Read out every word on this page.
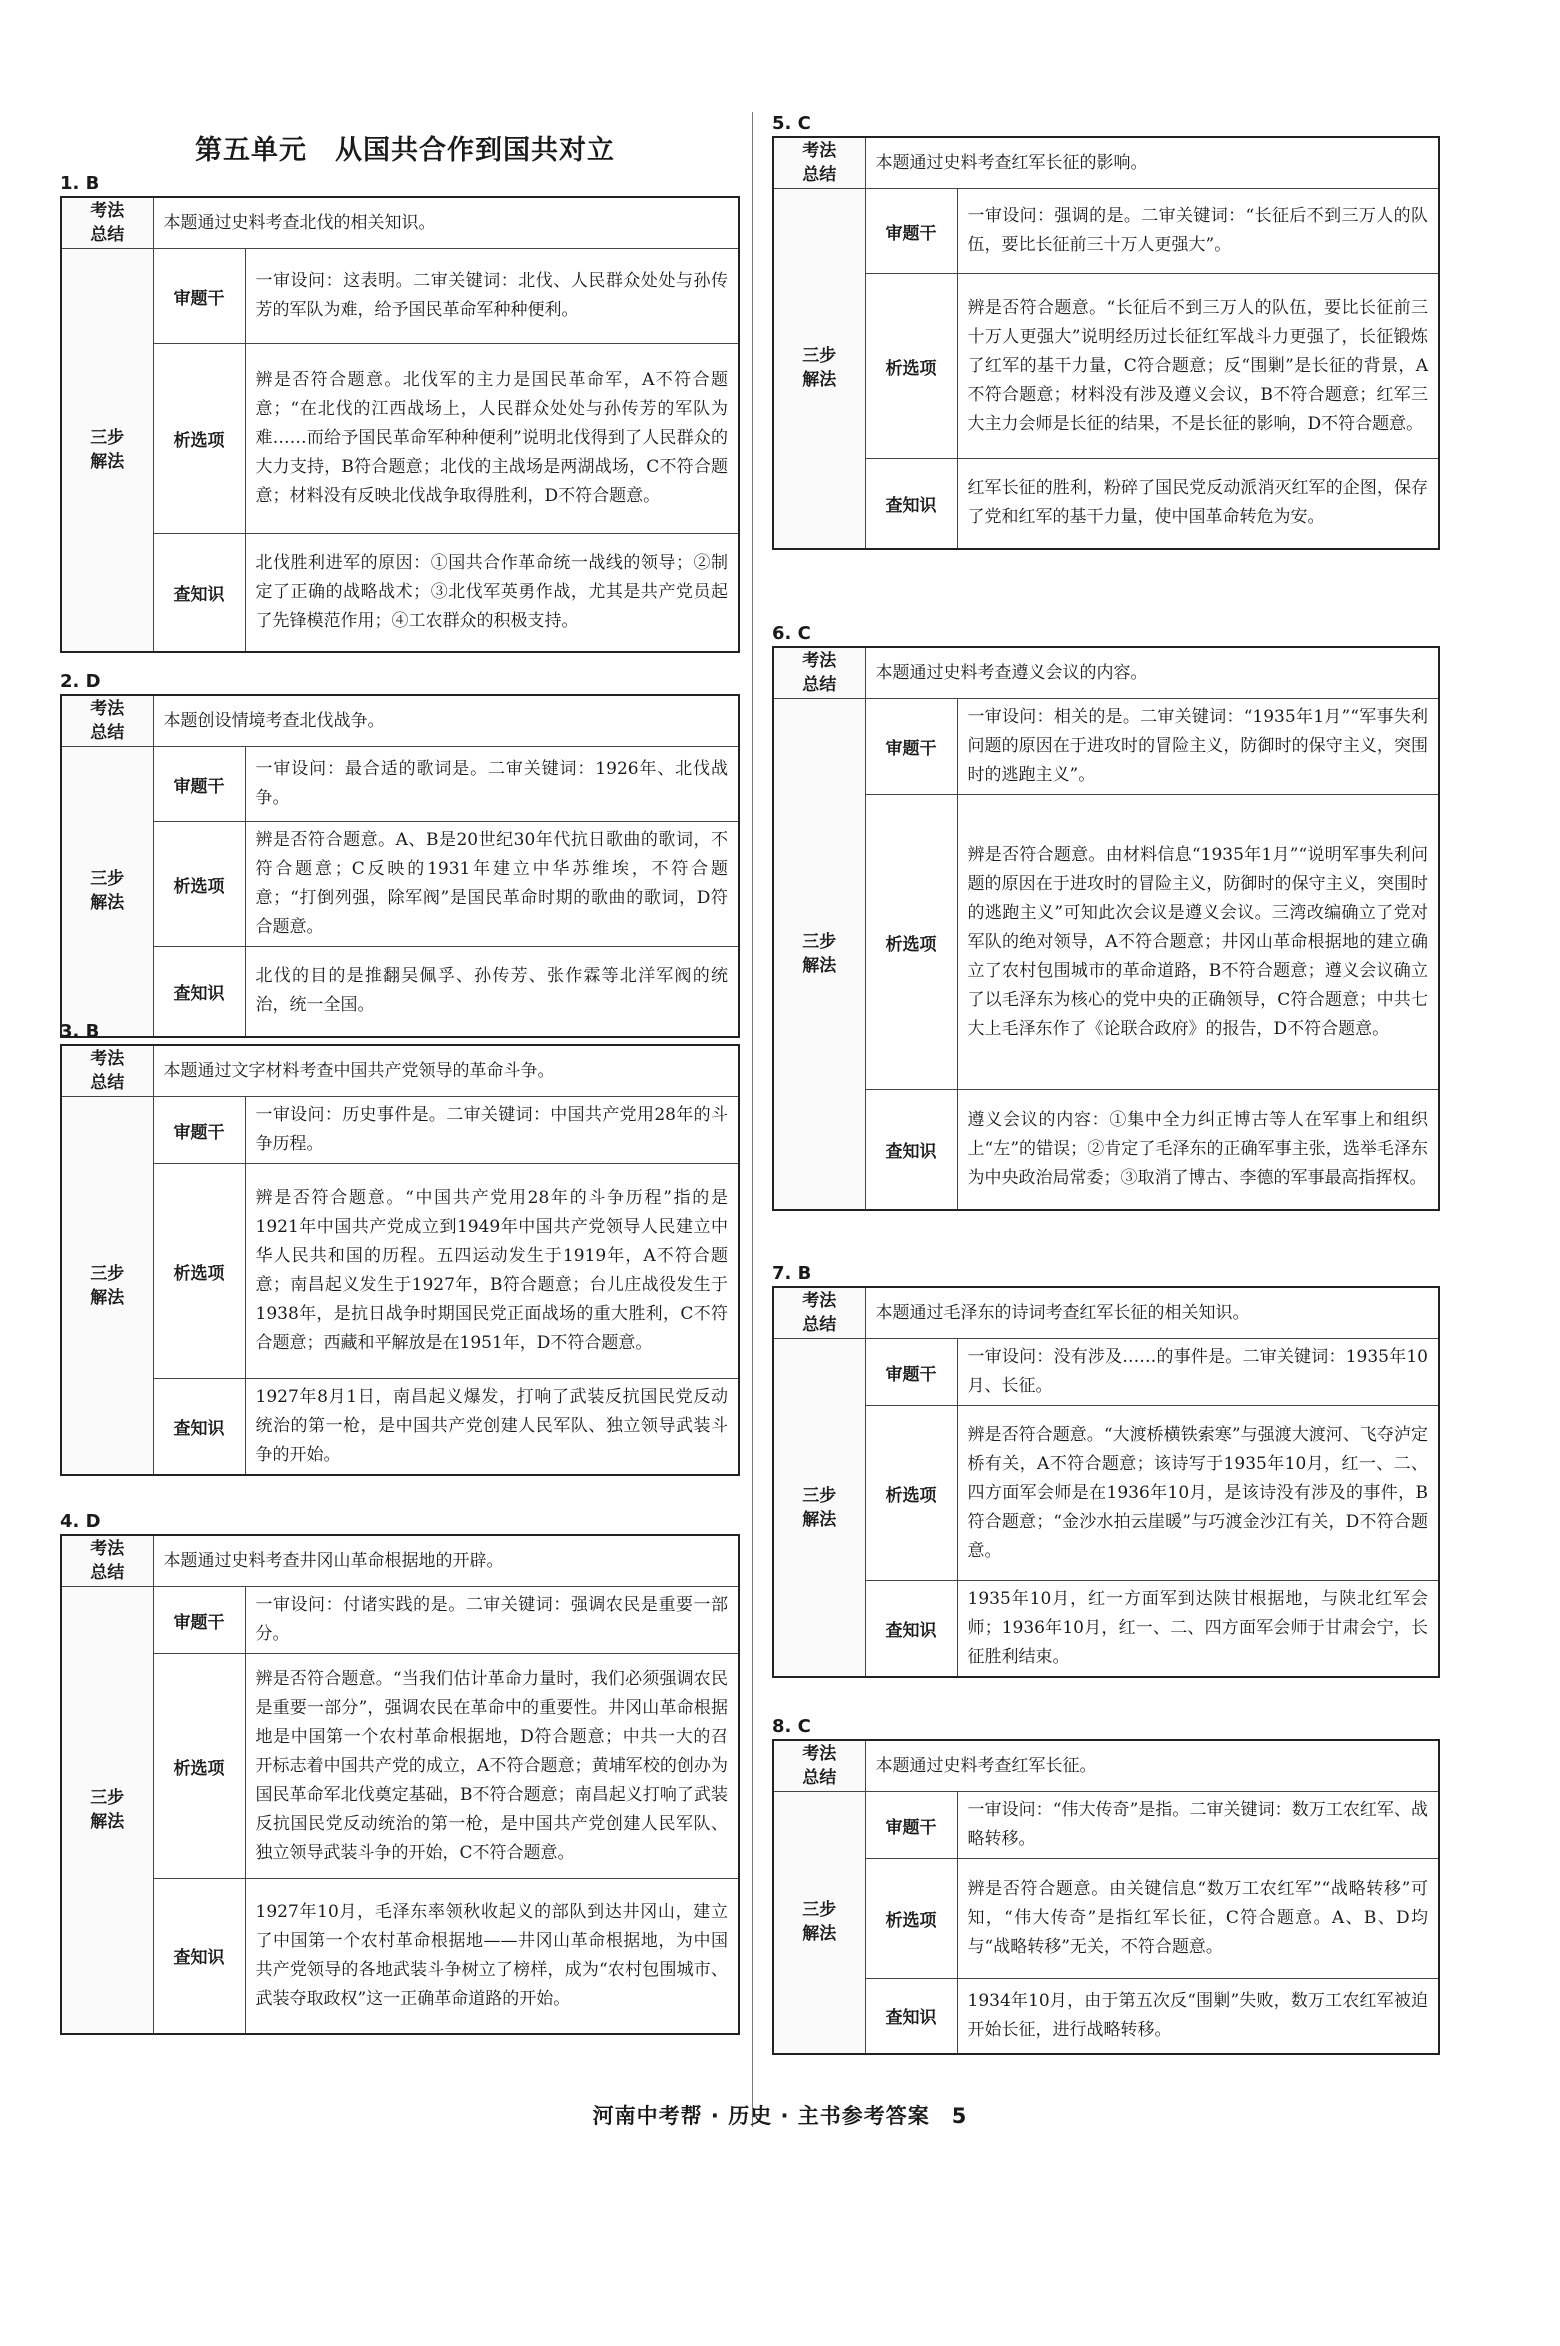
第五单元　从国共合作到国共对立
1. B
考法
总结	本题通过史料考查北伐的相关知识。	

三步
解法	审题干	一审设问：这表明。二审关键词：北伐、人民群众处处与孙传芳的军队为难，给予国民革命军种种便利。
	析选项	辨是否符合题意。北伐军的主力是国民革命军，A不符合题意；“在北伐的江西战场上，人民群众处处与孙传芳的军队为难……而给予国民革命军种种便利”说明北伐得到了人民群众的大力支持，B符合题意；北伐的主战场是两湖战场，C不符合题意；材料没有反映北伐战争取得胜利，D不符合题意。
	查知识	北伐胜利进军的原因：①国共合作革命统一战线的领导；②制定了正确的战略战术；③北伐军英勇作战，尤其是共产党员起了先锋模范作用；④工农群众的积极支持。
2. D
考法
总结	本题创设情境考查北伐战争。	

三步
解法	审题干	一审设问：最合适的歌词是。二审关键词：1926年、北伐战争。
	析选项	辨是否符合题意。A、B是20世纪30年代抗日歌曲的歌词，不符合题意；C反映的1931年建立中华苏维埃，不符合题意；“打倒列强，除军阀”是国民革命时期的歌曲的歌词，D符合题意。
	查知识	北伐的目的是推翻吴佩孚、孙传芳、张作霖等北洋军阀的统治，统一全国。
3. B
考法
总结	本题通过文字材料考查中国共产党领导的革命斗争。	

三步
解法	审题干	一审设问：历史事件是。二审关键词：中国共产党用28年的斗争历程。
	析选项	辨是否符合题意。“中国共产党用28年的斗争历程”指的是1921年中国共产党成立到1949年中国共产党领导人民建立中华人民共和国的历程。五四运动发生于1919年，A不符合题意；南昌起义发生于1927年，B符合题意；台儿庄战役发生于1938年，是抗日战争时期国民党正面战场的重大胜利，C不符合题意；西藏和平解放是在1951年，D不符合题意。
	查知识	1927年8月1日，南昌起义爆发，打响了武装反抗国民党反动统治的第一枪，是中国共产党创建人民军队、独立领导武装斗争的开始。
4. D
考法
总结	本题通过史料考查井冈山革命根据地的开辟。	

三步
解法	审题干	一审设问：付诸实践的是。二审关键词：强调农民是重要一部分。
	析选项	辨是否符合题意。“当我们估计革命力量时，我们必须强调农民是重要一部分”，强调农民在革命中的重要性。井冈山革命根据地是中国第一个农村革命根据地，D符合题意；中共一大的召开标志着中国共产党的成立，A不符合题意；黄埔军校的创办为国民革命军北伐奠定基础，B不符合题意；南昌起义打响了武装反抗国民党反动统治的第一枪，是中国共产党创建人民军队、独立领导武装斗争的开始，C不符合题意。
	查知识	1927年10月，毛泽东率领秋收起义的部队到达井冈山，建立了中国第一个农村革命根据地——井冈山革命根据地，为中国共产党领导的各地武装斗争树立了榜样，成为“农村包围城市、武装夺取政权”这一正确革命道路的开始。
5. C
考法
总结	本题通过史料考查红军长征的影响。	

三步
解法	审题干	一审设问：强调的是。二审关键词：“长征后不到三万人的队伍，要比长征前三十万人更强大”。
	析选项	辨是否符合题意。“长征后不到三万人的队伍，要比长征前三十万人更强大”说明经历过长征红军战斗力更强了，长征锻炼了红军的基干力量，C符合题意；反“围剿”是长征的背景，A不符合题意；材料没有涉及遵义会议，B不符合题意；红军三大主力会师是长征的结果，不是长征的影响，D不符合题意。
	查知识	红军长征的胜利，粉碎了国民党反动派消灭红军的企图，保存了党和红军的基干力量，使中国革命转危为安。
6. C
考法
总结	本题通过史料考查遵义会议的内容。	

三步
解法	审题干	一审设问：相关的是。二审关键词：“1935年1月”“军事失利问题的原因在于进攻时的冒险主义，防御时的保守主义，突围时的逃跑主义”。
	析选项	辨是否符合题意。由材料信息“1935年1月”“说明军事失利问题的原因在于进攻时的冒险主义，防御时的保守主义，突围时的逃跑主义”可知此次会议是遵义会议。三湾改编确立了党对军队的绝对领导，A不符合题意；井冈山革命根据地的建立确立了农村包围城市的革命道路，B不符合题意；遵义会议确立了以毛泽东为核心的党中央的正确领导，C符合题意；中共七大上毛泽东作了《论联合政府》的报告，D不符合题意。
	查知识	遵义会议的内容：①集中全力纠正博古等人在军事上和组织上“左”的错误；②肯定了毛泽东的正确军事主张，选举毛泽东为中央政治局常委；③取消了博古、李德的军事最高指挥权。
7. B
考法
总结	本题通过毛泽东的诗词考查红军长征的相关知识。	

三步
解法	审题干	一审设问：没有涉及……的事件是。二审关键词：1935年10月、长征。
	析选项	辨是否符合题意。“大渡桥横铁索寒”与强渡大渡河、飞夺泸定桥有关，A不符合题意；该诗写于1935年10月，红一、二、四方面军会师是在1936年10月，是该诗没有涉及的事件，B符合题意；“金沙水拍云崖暖”与巧渡金沙江有关，D不符合题意。
	查知识	1935年10月，红一方面军到达陕甘根据地，与陕北红军会师；1936年10月，红一、二、四方面军会师于甘肃会宁，长征胜利结束。
8. C
考法
总结	本题通过史料考查红军长征。	

三步
解法	审题干	一审设问：“伟大传奇”是指。二审关键词：数万工农红军、战略转移。
	析选项	辨是否符合题意。由关键信息“数万工农红军”“战略转移”可知，“伟大传奇”是指红军长征，C符合题意。A、B、D均与“战略转移”无关，不符合题意。
	查知识	1934年10月，由于第五次反“围剿”失败，数万工农红军被迫开始长征，进行战略转移。
河南中考帮 · 历史 · 主书参考答案　5
